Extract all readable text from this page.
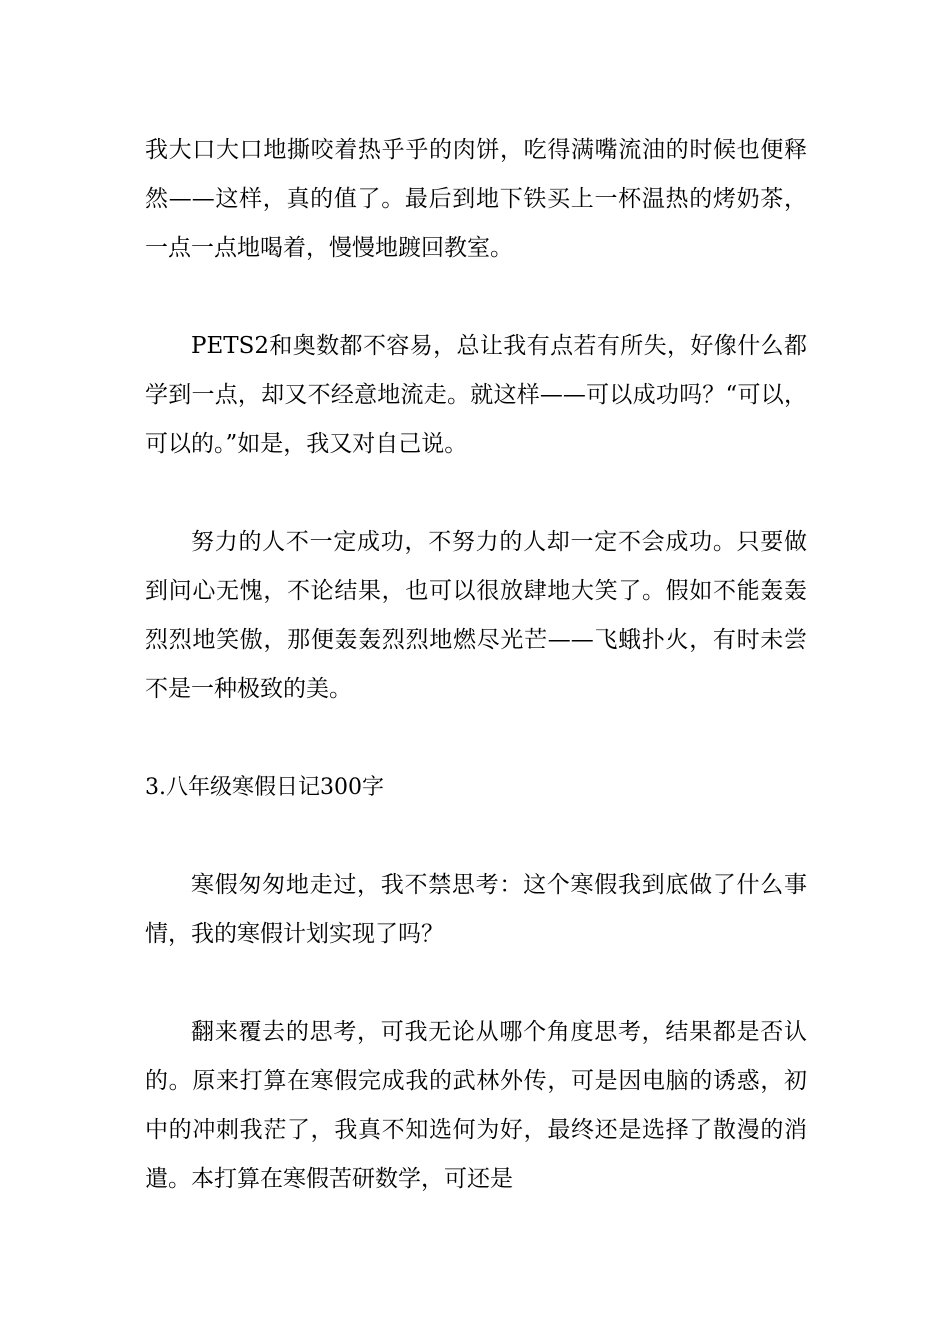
我大口大口地撕咬着热乎乎的肉饼，吃得满嘴流油的时候也便释然——这样，真的值了。最后到地下铁买上一杯温热的烤奶茶，一点一点地喝着，慢慢地踱回教室。

PETS2和奥数都不容易，总让我有点若有所失，好像什么都学到一点，却又不经意地流走。就这样——可以成功吗？“可以，可以的。”如是，我又对自己说。

努力的人不一定成功，不努力的人却一定不会成功。只要做到问心无愧，不论结果，也可以很放肆地大笑了。假如不能轰轰烈烈地笑傲，那便轰轰烈烈地燃尽光芒——飞蛾扑火，有时未尝不是一种极致的美。

3.八年级寒假日记300字

寒假匆匆地走过，我不禁思考：这个寒假我到底做了什么事情，我的寒假计划实现了吗？

翻来覆去的思考，可我无论从哪个角度思考，结果都是否认的。原来打算在寒假完成我的武林外传，可是因电脑的诱惑，初中的冲刺我茫了，我真不知选何为好，最终还是选择了散漫的消遣。本打算在寒假苦研数学，可还是
